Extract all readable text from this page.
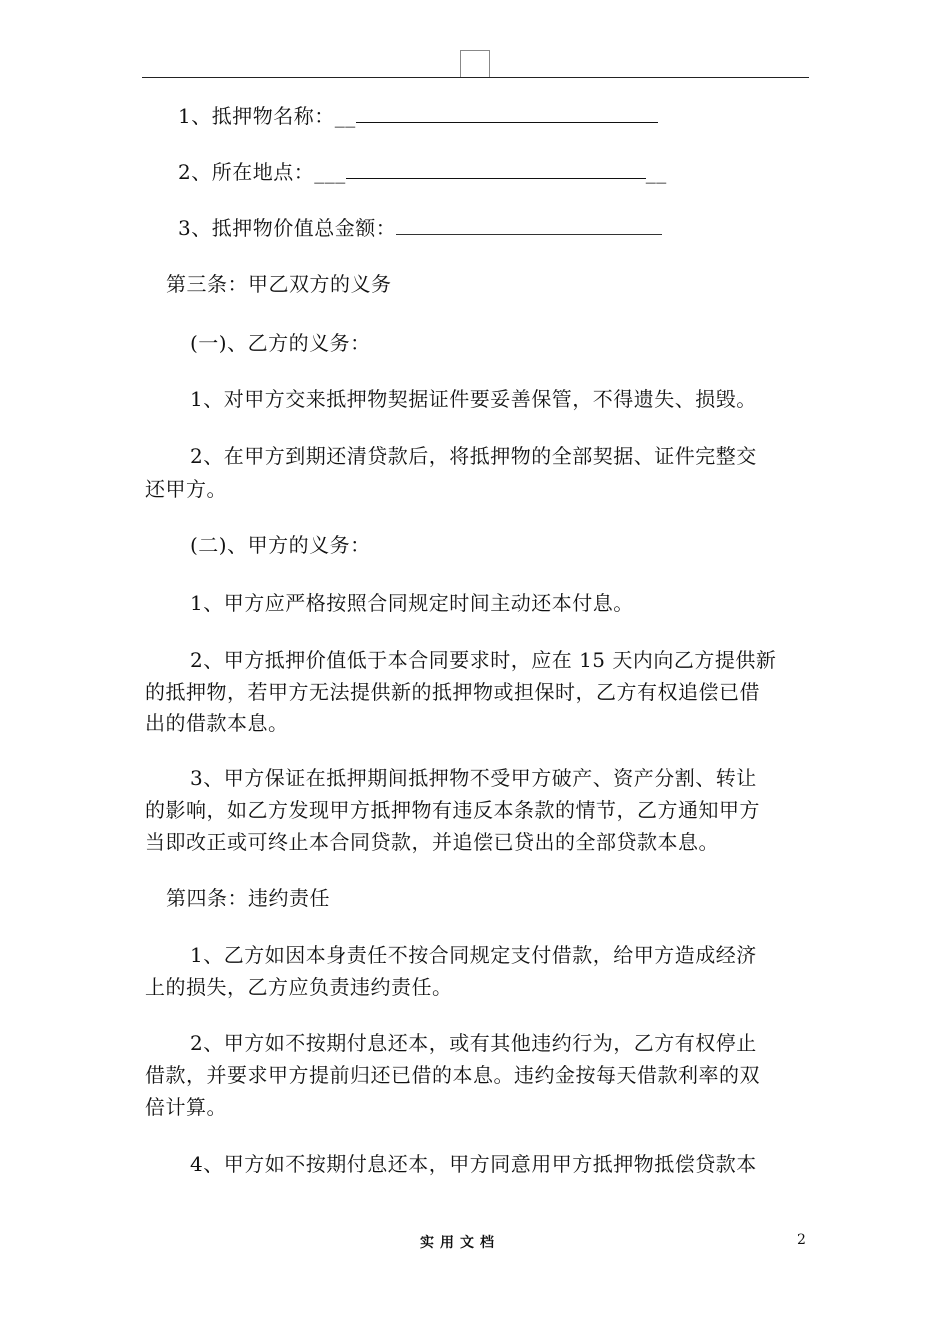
1、抵押物名称：__
2、所在地点：___	__
3、抵押物价值总金额：
第三条：甲乙双方的义务
(一)、乙方的义务：
1、对甲方交来抵押物契据证件要妥善保管，不得遗失、损毁。
2、在甲方到期还清贷款后，将抵押物的全部契据、证件完整交
还甲方。
(二)、甲方的义务：
1、甲方应严格按照合同规定时间主动还本付息。
2、甲方抵押价值低于本合同要求时，应在 15 天内向乙方提供新
的抵押物，若甲方无法提供新的抵押物或担保时，乙方有权追偿已借
出的借款本息。
3、甲方保证在抵押期间抵押物不受甲方破产、资产分割、转让
的影响，如乙方发现甲方抵押物有违反本条款的情节，乙方通知甲方
当即改正或可终止本合同贷款，并追偿已贷出的全部贷款本息。
第四条：违约责任
1、乙方如因本身责任不按合同规定支付借款，给甲方造成经济
上的损失，乙方应负责违约责任。
2、甲方如不按期付息还本，或有其他违约行为，乙方有权停止
借款，并要求甲方提前归还已借的本息。违约金按每天借款利率的双
倍计算。
4、甲方如不按期付息还本，甲方同意用甲方抵押物抵偿贷款本
实用文档	2
